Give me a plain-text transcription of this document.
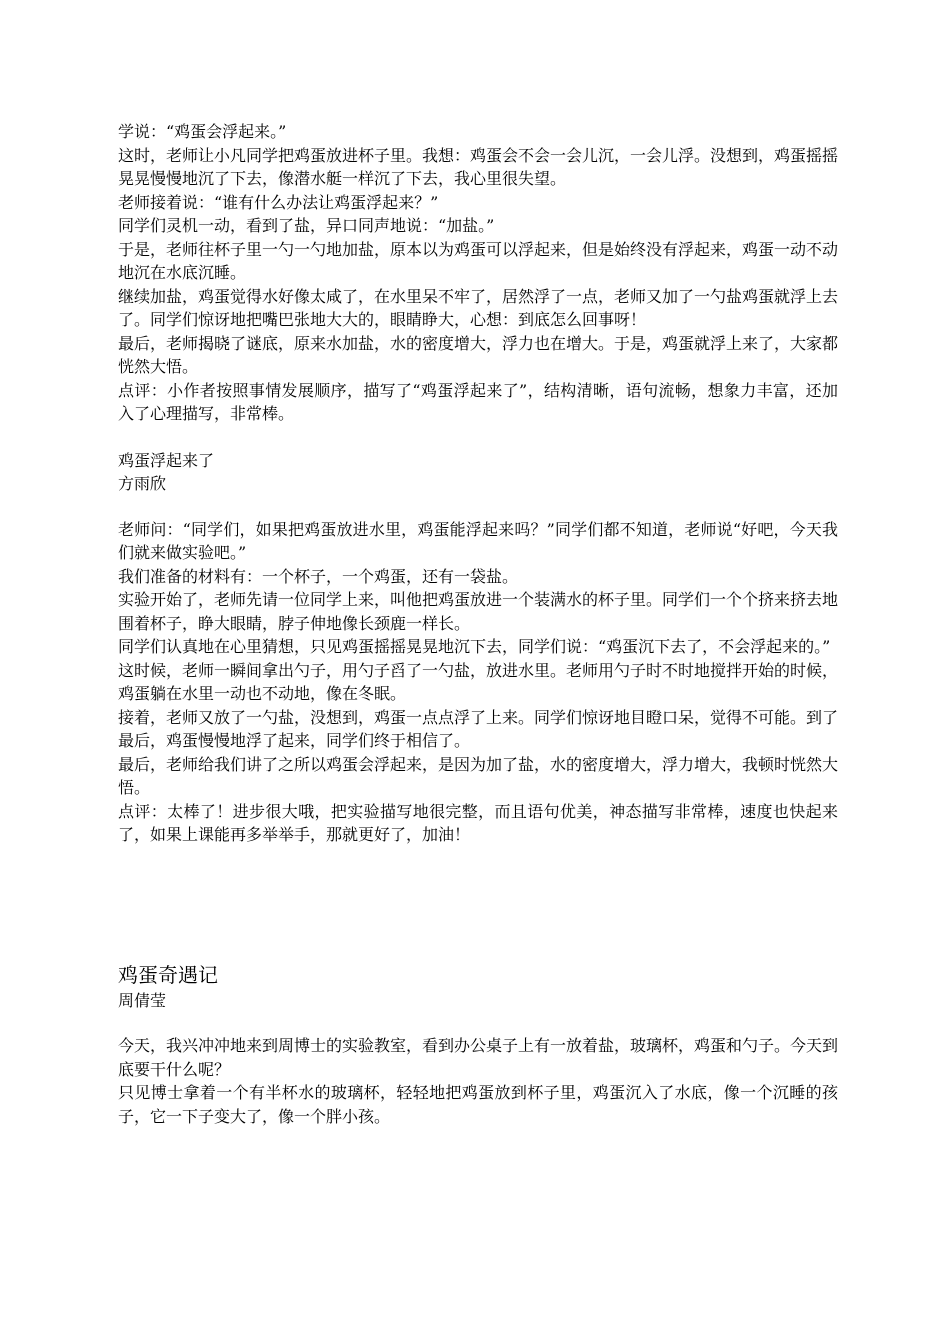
学说：“鸡蛋会浮起来。”

这时，老师让小凡同学把鸡蛋放进杯子里。我想：鸡蛋会不会一会儿沉，一会儿浮。没想到，鸡蛋摇摇晃晃慢慢地沉了下去，像潜水艇一样沉了下去，我心里很失望。

老师接着说：“谁有什么办法让鸡蛋浮起来？”

同学们灵机一动，看到了盐，异口同声地说：“加盐。”

于是，老师往杯子里一勺一勺地加盐，原本以为鸡蛋可以浮起来，但是始终没有浮起来，鸡蛋一动不动地沉在水底沉睡。

继续加盐，鸡蛋觉得水好像太咸了，在水里呆不牢了，居然浮了一点，老师又加了一勺盐鸡蛋就浮上去了。同学们惊讶地把嘴巴张地大大的，眼睛睁大，心想：到底怎么回事呀！

最后，老师揭晓了谜底，原来水加盐，水的密度增大，浮力也在增大。于是，鸡蛋就浮上来了，大家都恍然大悟。

点评：小作者按照事情发展顺序，描写了“鸡蛋浮起来了”，结构清晰，语句流畅，想象力丰富，还加入了心理描写，非常棒。

鸡蛋浮起来了

方雨欣

老师问：“同学们，如果把鸡蛋放进水里，鸡蛋能浮起来吗？”同学们都不知道，老师说“好吧，今天我们就来做实验吧。”

我们准备的材料有：一个杯子，一个鸡蛋，还有一袋盐。

实验开始了，老师先请一位同学上来，叫他把鸡蛋放进一个装满水的杯子里。同学们一个个挤来挤去地围着杯子，睁大眼睛，脖子伸地像长颈鹿一样长。

同学们认真地在心里猜想，只见鸡蛋摇摇晃晃地沉下去，同学们说：“鸡蛋沉下去了，不会浮起来的。”

这时候，老师一瞬间拿出勺子，用勺子舀了一勺盐，放进水里。老师用勺子时不时地搅拌开始的时候，鸡蛋躺在水里一动也不动地，像在冬眠。

接着，老师又放了一勺盐，没想到，鸡蛋一点点浮了上来。同学们惊讶地目瞪口呆，觉得不可能。到了最后，鸡蛋慢慢地浮了起来，同学们终于相信了。

最后，老师给我们讲了之所以鸡蛋会浮起来，是因为加了盐，水的密度增大，浮力增大，我顿时恍然大悟。

点评：太棒了！进步很大哦，把实验描写地很完整，而且语句优美，神态描写非常棒，速度也快起来了，如果上课能再多举举手，那就更好了，加油！

鸡蛋奇遇记

周倩莹

今天，我兴冲冲地来到周博士的实验教室，看到办公桌子上有一放着盐，玻璃杯，鸡蛋和勺子。今天到底要干什么呢？

只见博士拿着一个有半杯水的玻璃杯，轻轻地把鸡蛋放到杯子里，鸡蛋沉入了水底，像一个沉睡的孩子，它一下子变大了，像一个胖小孩。
